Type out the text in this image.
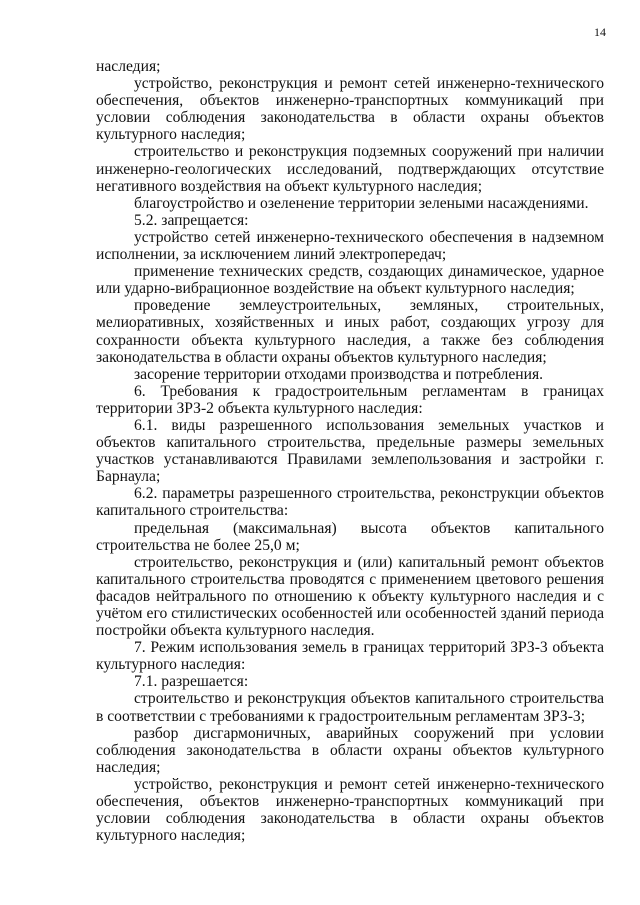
14

наследия;

устройство, реконструкция и ремонт сетей инженерно-технического обеспечения, объектов инженерно-транспортных коммуникаций при условии соблюдения законодательства в области охраны объектов культурного наследия;

строительство и реконструкция подземных сооружений при наличии инженерно-геологических исследований, подтверждающих отсутствие негативного воздействия на объект культурного наследия;

благоустройство и озеленение территории зелеными насаждениями.

5.2. запрещается:

устройство сетей инженерно-технического обеспечения в надземном исполнении, за исключением линий электропередач;

применение технических средств, создающих динамическое, ударное или ударно-вибрационное воздействие на объект культурного наследия;

проведение землеустроительных, земляных, строительных, мелиоративных, хозяйственных и иных работ, создающих угрозу для сохранности объекта культурного наследия, а также без соблюдения законодательства в области охраны объектов культурного наследия;

засорение территории отходами производства и потребления.

6. Требования к градостроительным регламентам в границах территории ЗРЗ-2 объекта культурного наследия:

6.1. виды разрешенного использования земельных участков и объектов капитального строительства, предельные размеры земельных участков устанавливаются Правилами землепользования и застройки г. Барнаула;

6.2. параметры разрешенного строительства, реконструкции объектов капитального строительства:

предельная (максимальная) высота объектов капитального строительства не более 25,0 м;

строительство, реконструкция и (или) капитальный ремонт объектов капитального строительства проводятся с применением цветового решения фасадов нейтрального по отношению к объекту культурного наследия и с учётом его стилистических особенностей или особенностей зданий периода постройки объекта культурного наследия.

7. Режим использования земель в границах территорий ЗРЗ-3 объекта культурного наследия:

7.1. разрешается:

строительство и реконструкция объектов капитального строительства в соответствии с требованиями к градостроительным регламентам ЗРЗ-3;

разбор дисгармоничных, аварийных сооружений при условии соблюдения законодательства в области охраны объектов культурного наследия;

устройство, реконструкция и ремонт сетей инженерно-технического обеспечения, объектов инженерно-транспортных коммуникаций при условии соблюдения законодательства в области охраны объектов культурного наследия;
